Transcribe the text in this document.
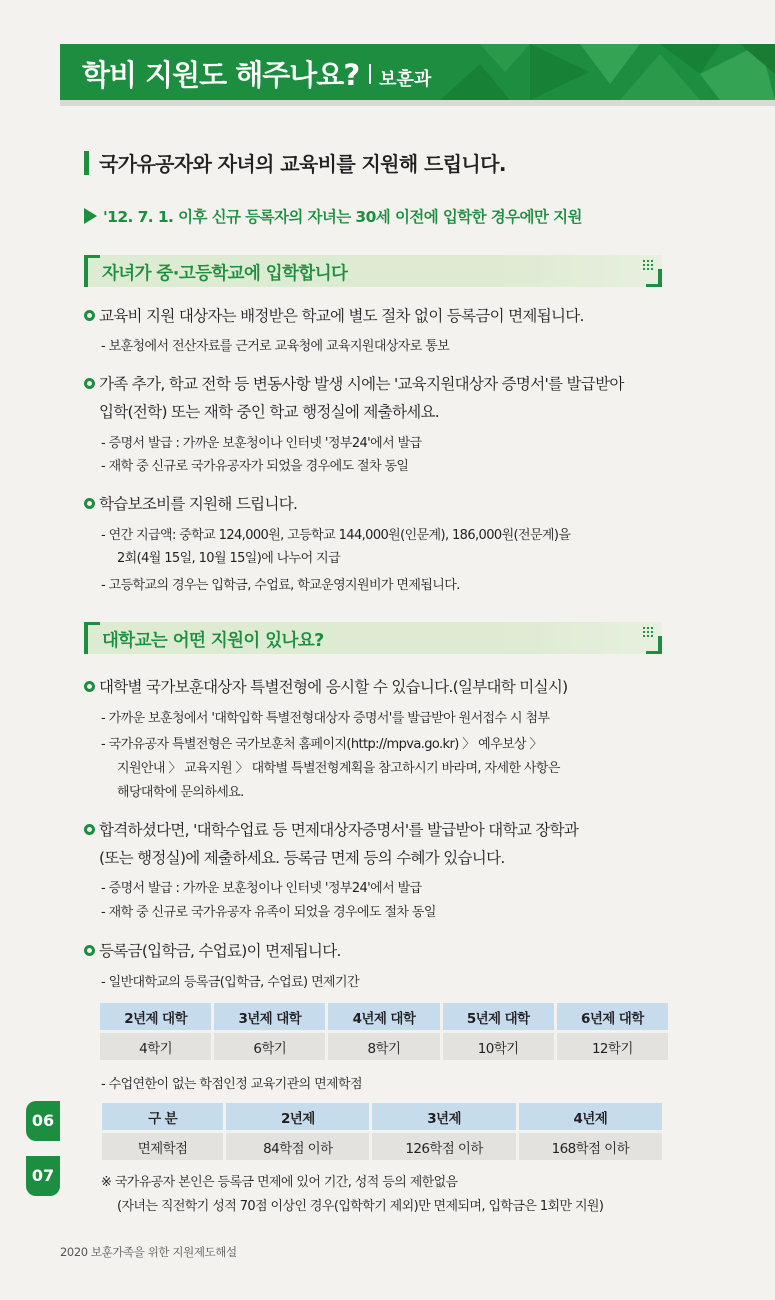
학비 지원도 해주나요? 보훈과
국가유공자와 자녀의 교육비를 지원해 드립니다.
'12. 7. 1. 이후 신규 등록자의 자녀는 30세 이전에 입학한 경우에만 지원
자녀가 중·고등학교에 입학합니다
교육비 지원 대상자는 배정받은 학교에 별도 절차 없이 등록금이 면제됩니다.
- 보훈청에서 전산자료를 근거로 교육청에 교육지원대상자로 통보
가족 추가, 학교 전학 등 변동사항 발생 시에는 '교육지원대상자 증명서'를 발급받아
입학(전학) 또는 재학 중인 학교 행정실에 제출하세요.
- 증명서 발급 : 가까운 보훈청이나 인터넷 '정부24'에서 발급
- 재학 중 신규로 국가유공자가 되었을 경우에도 절차 동일
학습보조비를 지원해 드립니다.
- 연간 지급액: 중학교 124,000원, 고등학교 144,000원(인문계), 186,000원(전문계)을
2회(4월 15일, 10월 15일)에 나누어 지급
- 고등학교의 경우는 입학금, 수업료, 학교운영지원비가 면제됩니다.
대학교는 어떤 지원이 있나요?
대학별 국가보훈대상자 특별전형에 응시할 수 있습니다.(일부대학 미실시)
- 가까운 보훈청에서 '대학입학 특별전형대상자 증명서'를 발급받아 원서접수 시 첨부
- 국가유공자 특별전형은 국가보훈처 홈페이지(http://mpva.go.kr) 〉 예우보상 〉
지원안내 〉 교육지원 〉 대학별 특별전형계획을 참고하시기 바라며, 자세한 사항은
해당대학에 문의하세요.
합격하셨다면, '대학수업료 등 면제대상자증명서'를 발급받아 대학교 장학과
(또는 행정실)에 제출하세요. 등록금 면제 등의 수혜가 있습니다.
- 증명서 발급 : 가까운 보훈청이나 인터넷 '정부24'에서 발급
- 재학 중 신규로 국가유공자 유족이 되었을 경우에도 절차 동일
등록금(입학금, 수업료)이 면제됩니다.
- 일반대학교의 등록금(입학금, 수업료) 면제기간
2년제 대학	3년제 대학	4년제 대학	5년제 대학	6년제 대학
4학기	6학기	8학기	10학기	12학기
- 수업연한이 없는 학점인정 교육기관의 면제학점
구 분	2년제	3년제	4년제
면제학점	84학점 이하	126학점 이하	168학점 이하
※ 국가유공자 본인은 등록금 면제에 있어 기간, 성적 등의 제한없음
(자녀는 직전학기 성적 70점 이상인 경우(입학학기 제외)만 면제되며, 입학금은 1회만 지원)
06
07
2020 보훈가족을 위한 지원제도해설
